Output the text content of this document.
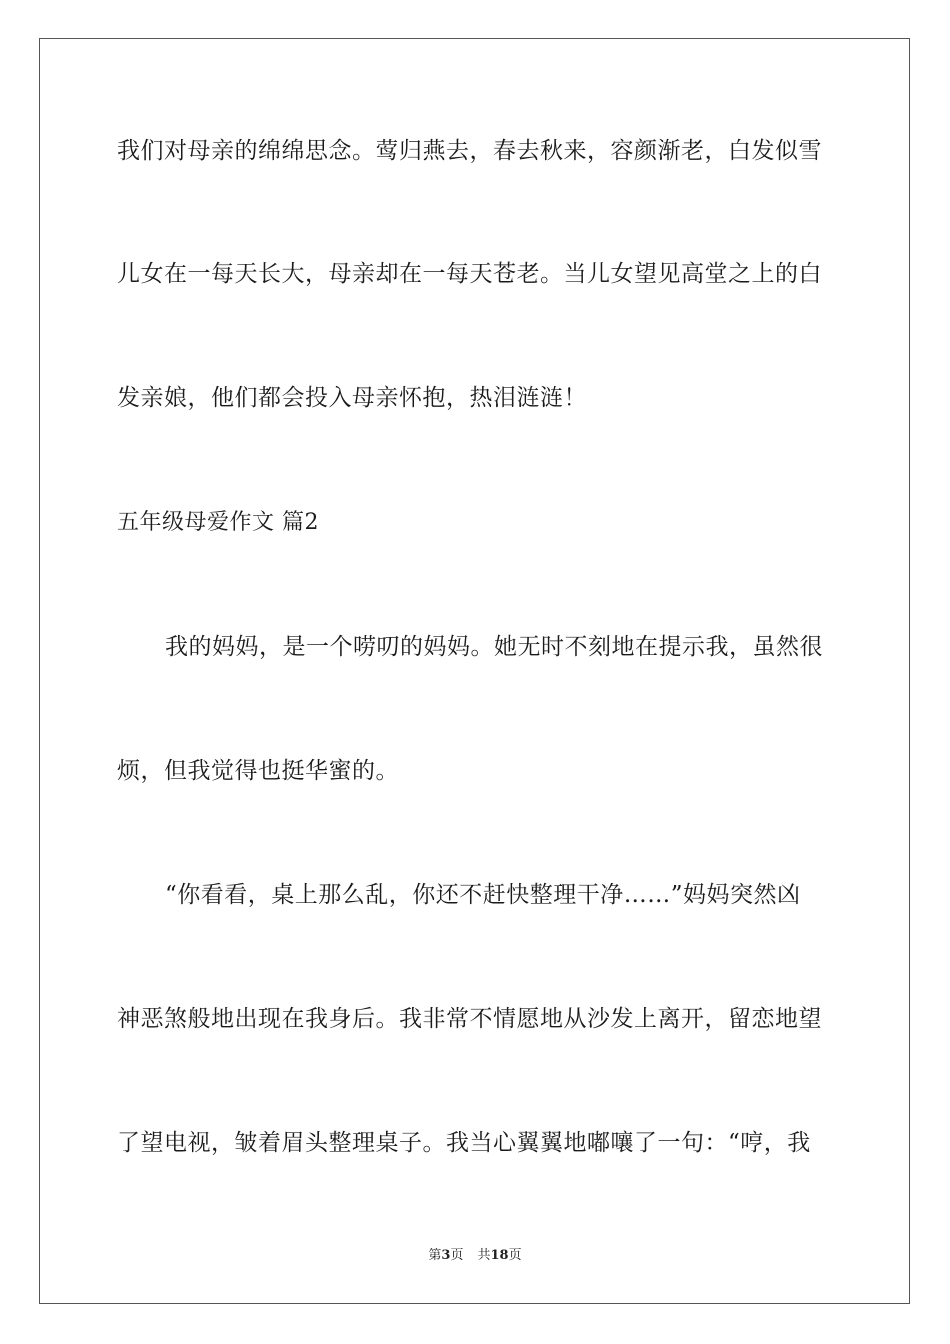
我们对母亲的绵绵思念。莺归燕去，春去秋来，容颜渐老，白发似雪
儿女在一每天长大，母亲却在一每天苍老。当儿女望见高堂之上的白
发亲娘，他们都会投入母亲怀抱，热泪涟涟！
五年级母爱作文 篇2
我的妈妈，是一个唠叨的妈妈。她无时不刻地在提示我，虽然很
烦，但我觉得也挺华蜜的。
“你看看，桌上那么乱，你还不赶快整理干净……”妈妈突然凶
神恶煞般地出现在我身后。我非常不情愿地从沙发上离开，留恋地望
了望电视，皱着眉头整理桌子。我当心翼翼地嘟嚷了一句：“哼，我
第3页 共18页
